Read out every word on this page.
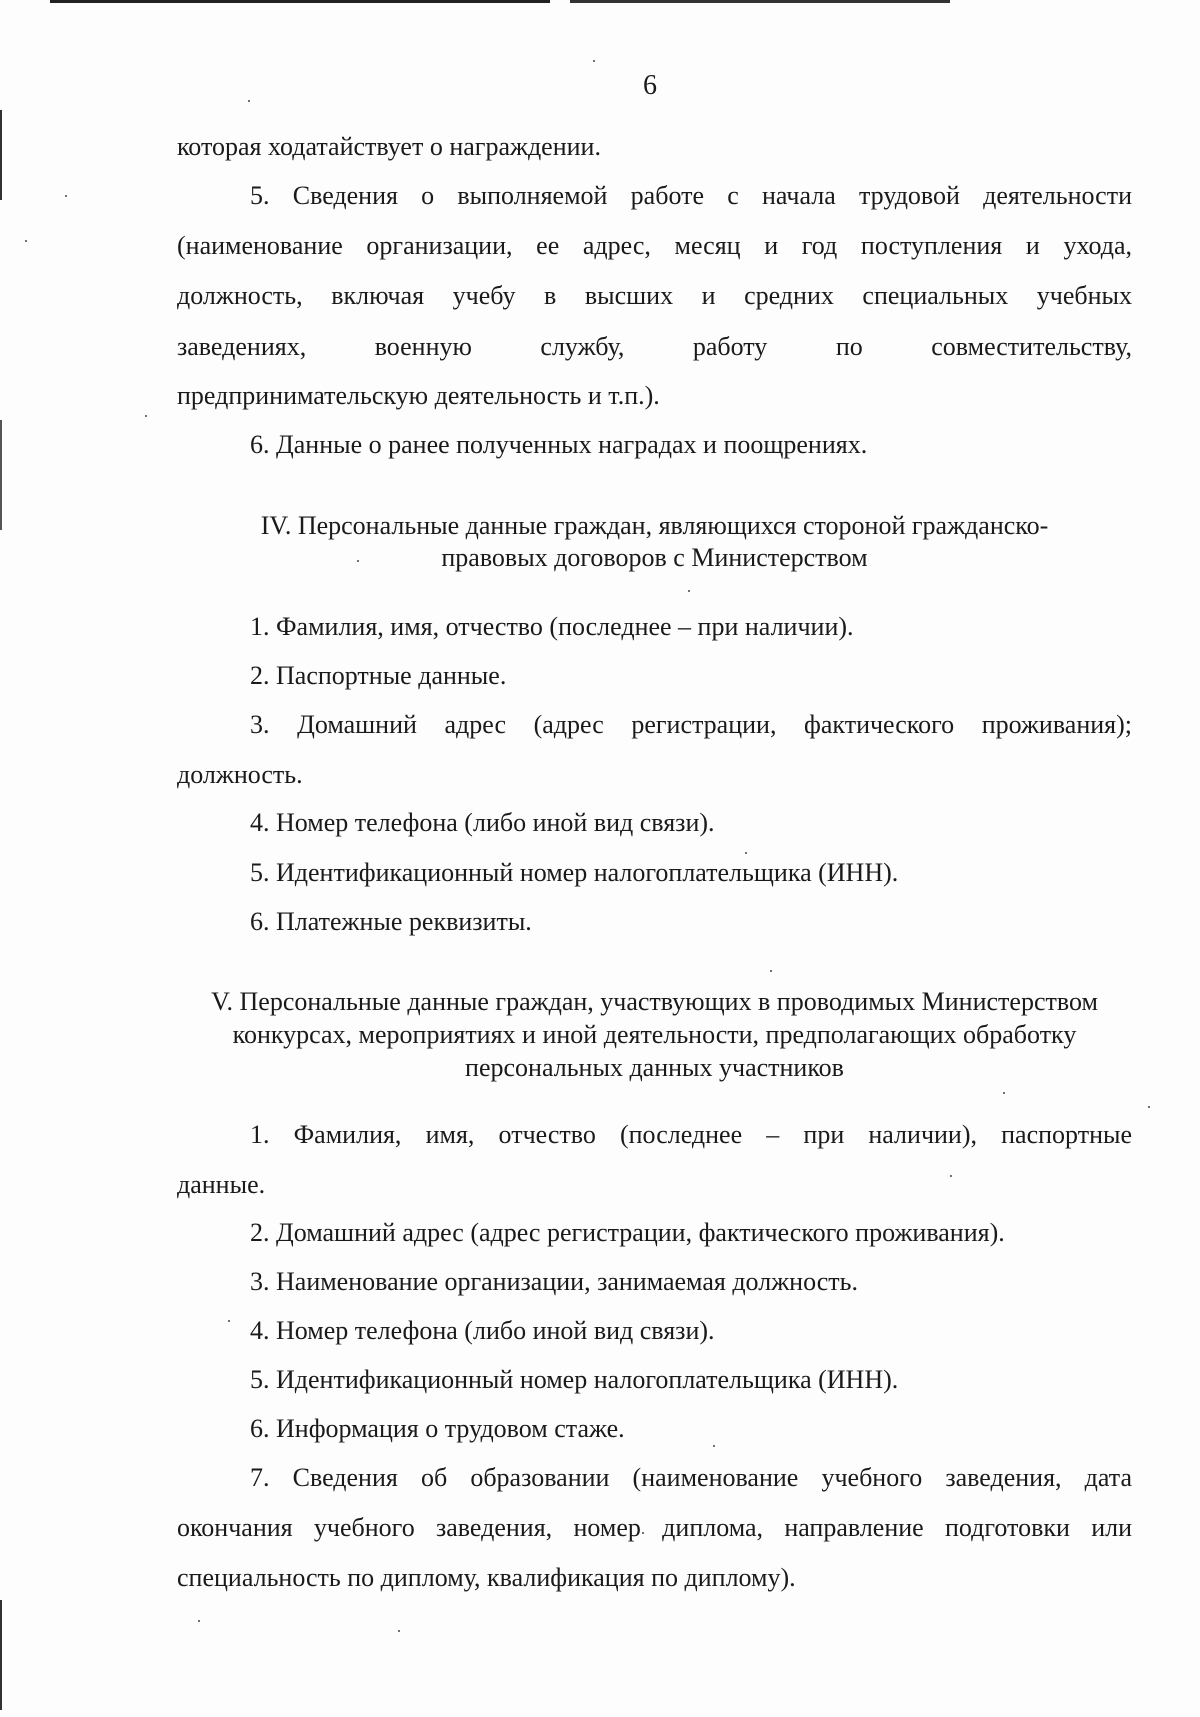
6
которая ходатайствует о награждении.
5. Сведения о выполняемой работе с начала трудовой деятельности
(наименование организации, ее адрес, месяц и год поступления и ухода,
должность, включая учебу в высших и средних специальных учебных
заведениях, военную службу, работу по совместительству,
предпринимательскую деятельность и т.п.).
6. Данные о ранее полученных наградах и поощрениях.
IV. Персональные данные граждан, являющихся стороной гражданско-
правовых договоров с Министерством
1. Фамилия, имя, отчество (последнее – при наличии).
2. Паспортные данные.
3. Домашний адрес (адрес регистрации, фактического проживания);
должность.
4. Номер телефона (либо иной вид связи).
5. Идентификационный номер налогоплательщика (ИНН).
6. Платежные реквизиты.
V. Персональные данные граждан, участвующих в проводимых Министерством
конкурсах, мероприятиях и иной деятельности, предполагающих обработку
персональных данных участников
1. Фамилия, имя, отчество (последнее – при наличии), паспортные
данные.
2. Домашний адрес (адрес регистрации, фактического проживания).
3. Наименование организации, занимаемая должность.
4. Номер телефона (либо иной вид связи).
5. Идентификационный номер налогоплательщика (ИНН).
6. Информация о трудовом стаже.
7. Сведения об образовании (наименование учебного заведения, дата
окончания учебного заведения, номер диплома, направление подготовки или
специальность по диплому, квалификация по диплому).
